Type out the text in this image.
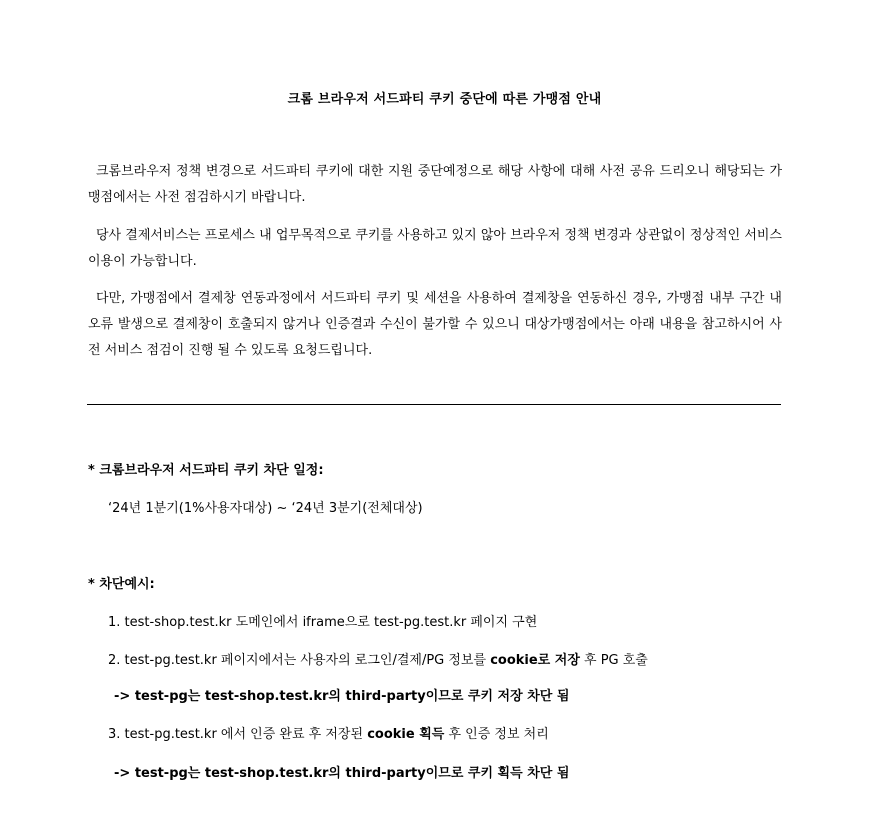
크롬 브라우저 서드파티 쿠키 중단에 따른 가맹점 안내

크롬브라우저 정책 변경으로 서드파티 쿠키에 대한 지원 중단예정으로 해당 사항에 대해 사전 공유 드리오니 해당되는 가맹점에서는 사전 점검하시기 바랍니다.

당사 결제서비스는 프로세스 내 업무목적으로 쿠키를 사용하고 있지 않아 브라우저 정책 변경과 상관없이 정상적인 서비스 이용이 가능합니다.

다만, 가맹점에서 결제창 연동과정에서 서드파티 쿠키 및 세션을 사용하여 결제창을 연동하신 경우, 가맹점 내부 구간 내 오류 발생으로 결제창이 호출되지 않거나 인증결과 수신이 불가할 수 있으니 대상가맹점에서는 아래 내용을 참고하시어 사전 서비스 점검이 진행 될 수 있도록 요청드립니다.

* 크롬브라우저 서드파티 쿠키 차단 일정:
‘24년 1분기(1%사용자대상) ~ ‘24년 3분기(전체대상)
* 차단예시:
1. test-shop.test.kr 도메인에서 iframe으로 test-pg.test.kr 페이지 구현
2. test-pg.test.kr 페이지에서는 사용자의 로그인/결제/PG 정보를 cookie로 저장 후 PG 호출
-> test-pg는 test-shop.test.kr의 third-party이므로 쿠키 저장 차단 됨
3. test-pg.test.kr 에서 인증 완료 후 저장된 cookie 획득 후 인증 정보 처리
-> test-pg는 test-shop.test.kr의 third-party이므로 쿠키 획득 차단 됨
